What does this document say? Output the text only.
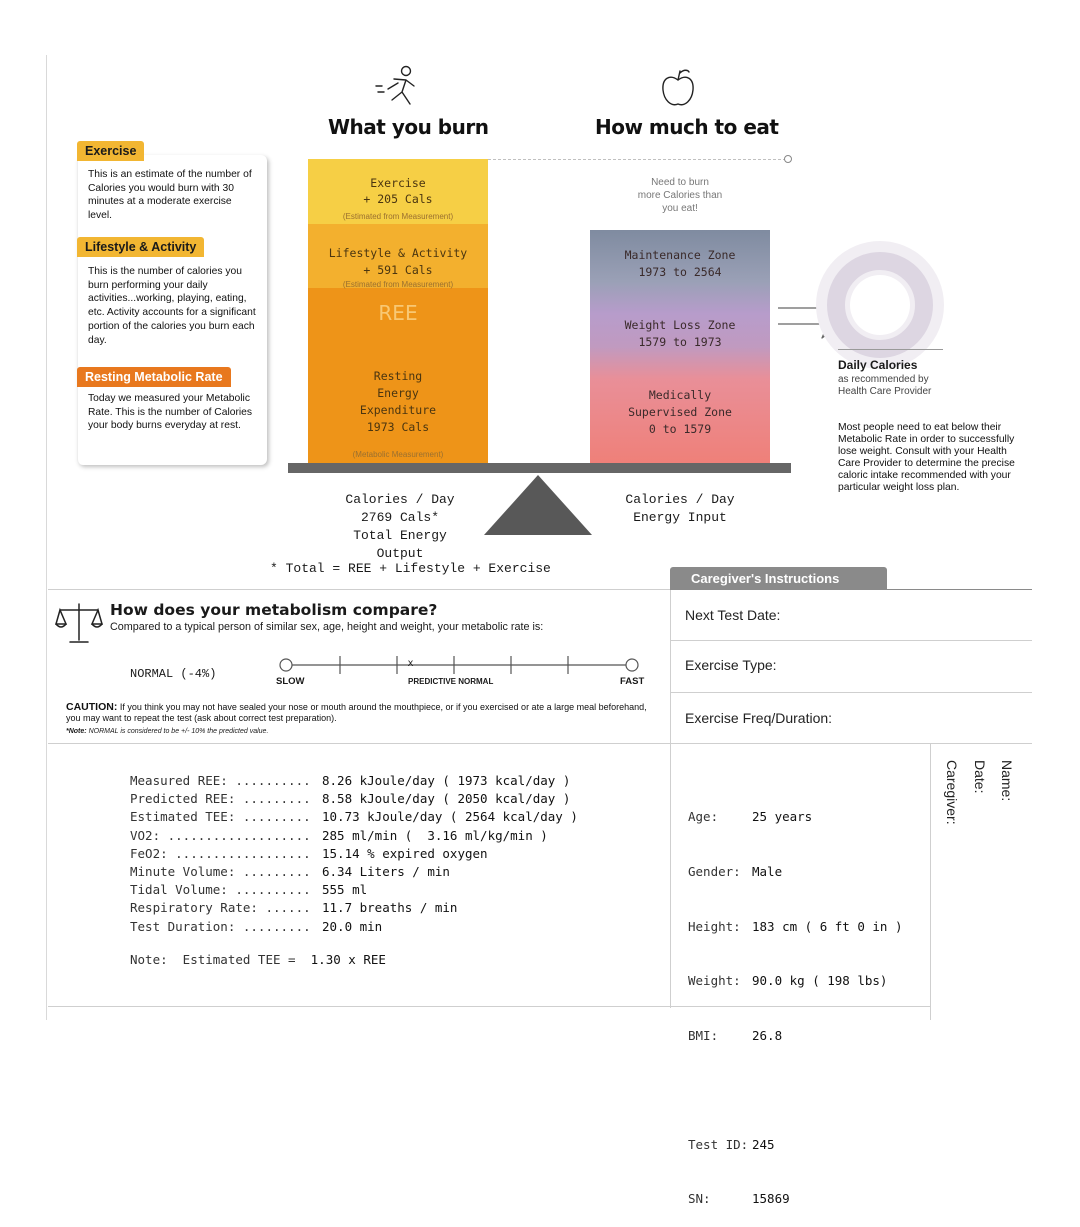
What you burn	How much to eat
Exercise
This is an estimate of the number of Calories you would burn with 30 minutes at a moderate exercise level.
Lifestyle & Activity
This is the number of calories you burn performing your daily activities...working, playing, eating, etc. Activity accounts for a significant portion of the calories you burn each day.
Resting Metabolic Rate
Today we measured your Metabolic Rate. This is the number of Calories your body burns everyday at rest.
Exercise
+ 205 Cals
(Estimated from Measurement)
Lifestyle & Activity
+ 591 Cals
(Estimated from Measurement)
REE
Resting
Energy
Expenditure
1973 Cals
(Metabolic Measurement)
Need to burn
more Calories than
you eat!
Maintenance Zone
1973 to 2564
Weight Loss Zone
1579 to 1973
Medically
Supervised Zone
0 to 1579
Calories / Day
2769 Cals*
Total Energy Output
Calories / Day
Energy Input
* Total = REE + Lifestyle + Exercise
Daily Calories
as recommended by
Health Care Provider
Most people need to eat below their Metabolic Rate in order to successfully lose weight. Consult with your Health Care Provider to determine the precise caloric intake recommended with your particular weight loss plan.
Caregiver's Instructions
Next Test Date:
Exercise Type:
Exercise Freq/Duration:
How does your metabolism compare?
Compared to a typical person of similar sex, age, height and weight, your metabolic rate is:
NORMAL (-4%)
x
SLOW	PREDICTIVE NORMAL	FAST
CAUTION: If you think you may not have sealed your nose or mouth around the mouthpiece, or if you exercised or ate a large meal beforehand, you may want to repeat the test (ask about correct test preparation).
*Note: NORMAL is considered to be +/- 10% the predicted value.
Measured REE: .......... 8.26 kJoule/day ( 1973 kcal/day )
Predicted REE: ......... 8.58 kJoule/day ( 2050 kcal/day )
Estimated TEE: ......... 10.73 kJoule/day ( 2564 kcal/day )
VO2: ................... 285 ml/min (  3.16 ml/kg/min )
FeO2: .................. 15.14 % expired oxygen
Minute Volume: ......... 6.34 Liters / min
Tidal Volume: .......... 555 ml
Respiratory Rate: ...... 11.7 breaths / min
Test Duration: ......... 20.0 min
Note:  Estimated TEE = 1.30 x REE

Age:	25 years

Gender: Male

Height: 183 cm ( 6 ft 0 in )

Weight: 90.0 kg ( 198 lbs)

BMI:	26.8

Test ID: 245

SN:	15869

Name:
Date:
Caregiver:
